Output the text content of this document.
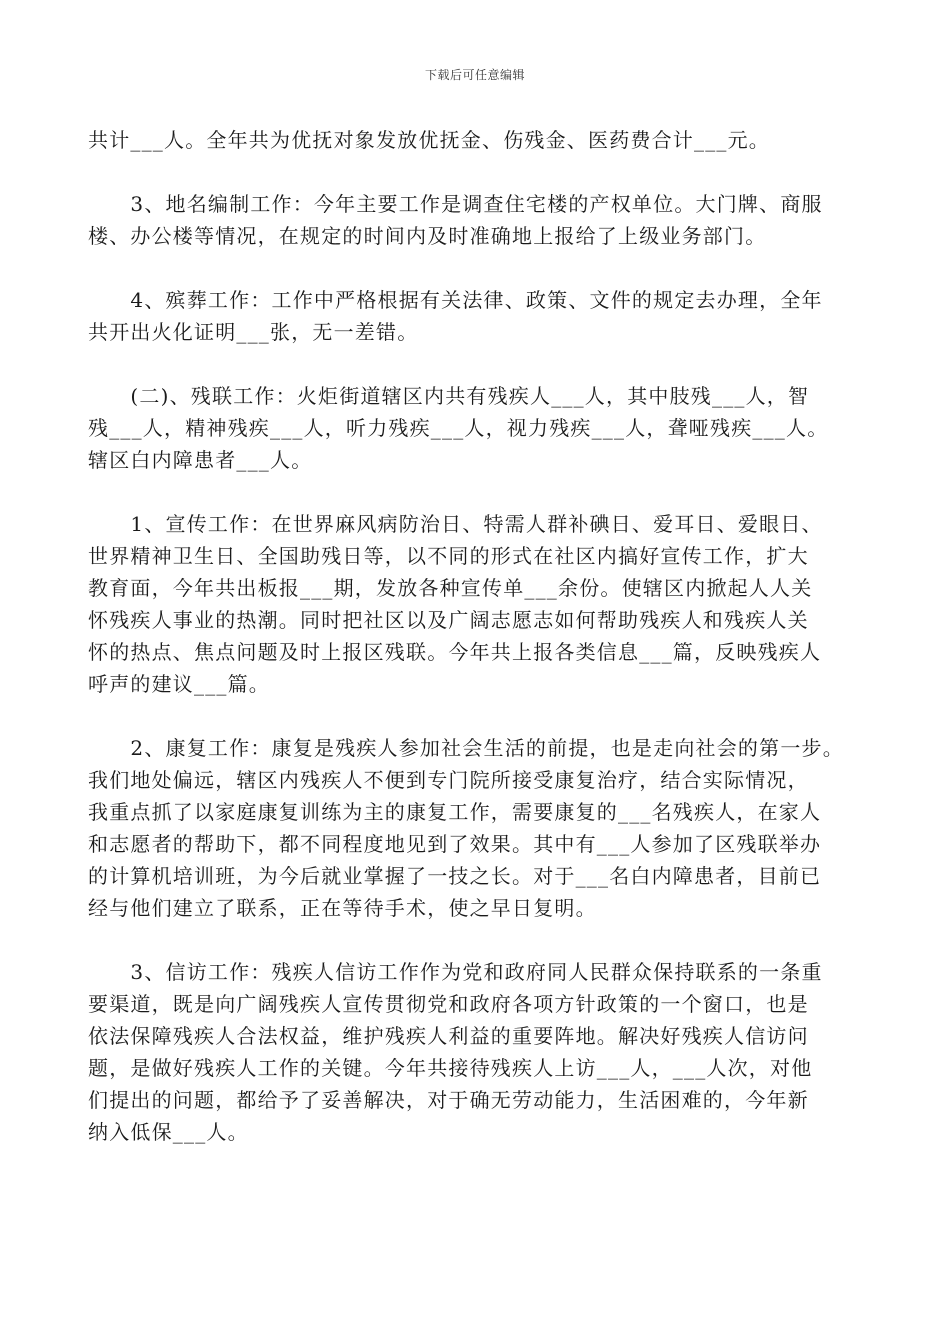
下载后可任意编辑
共计___人。全年共为优抚对象发放优抚金、伤残金、医药费合计___元。
　　3、地名编制工作：今年主要工作是调查住宅楼的产权单位。大门牌、商服
楼、办公楼等情况，在规定的时间内及时准确地上报给了上级业务部门。
　　4、殡葬工作：工作中严格根据有关法律、政策、文件的规定去办理，全年
共开出火化证明___张，无一差错。
　　(二)、残联工作：火炬街道辖区内共有残疾人___人，其中肢残___人，智
残___人，精神残疾___人，听力残疾___人，视力残疾___人，聋哑残疾___人。
辖区白内障患者___人。
　　1、宣传工作：在世界麻风病防治日、特需人群补碘日、爱耳日、爱眼日、
世界精神卫生日、全国助残日等，以不同的形式在社区内搞好宣传工作，扩大
教育面，今年共出板报___期，发放各种宣传单___余份。使辖区内掀起人人关
怀残疾人事业的热潮。同时把社区以及广阔志愿志如何帮助残疾人和残疾人关
怀的热点、焦点问题及时上报区残联。今年共上报各类信息___篇，反映残疾人
呼声的建议___篇。
　　2、康复工作：康复是残疾人参加社会生活的前提，也是走向社会的第一步。
我们地处偏远，辖区内残疾人不便到专门院所接受康复治疗，结合实际情况，
我重点抓了以家庭康复训练为主的康复工作，需要康复的___名残疾人，在家人
和志愿者的帮助下，都不同程度地见到了效果。其中有___人参加了区残联举办
的计算机培训班，为今后就业掌握了一技之长。对于___名白内障患者，目前已
经与他们建立了联系，正在等待手术，使之早日复明。
　　3、信访工作：残疾人信访工作作为党和政府同人民群众保持联系的一条重
要渠道，既是向广阔残疾人宣传贯彻党和政府各项方针政策的一个窗口，也是
依法保障残疾人合法权益，维护残疾人利益的重要阵地。解决好残疾人信访问
题，是做好残疾人工作的关键。今年共接待残疾人上访___人，___人次，对他
们提出的问题，都给予了妥善解决，对于确无劳动能力，生活困难的，今年新
纳入低保___人。
